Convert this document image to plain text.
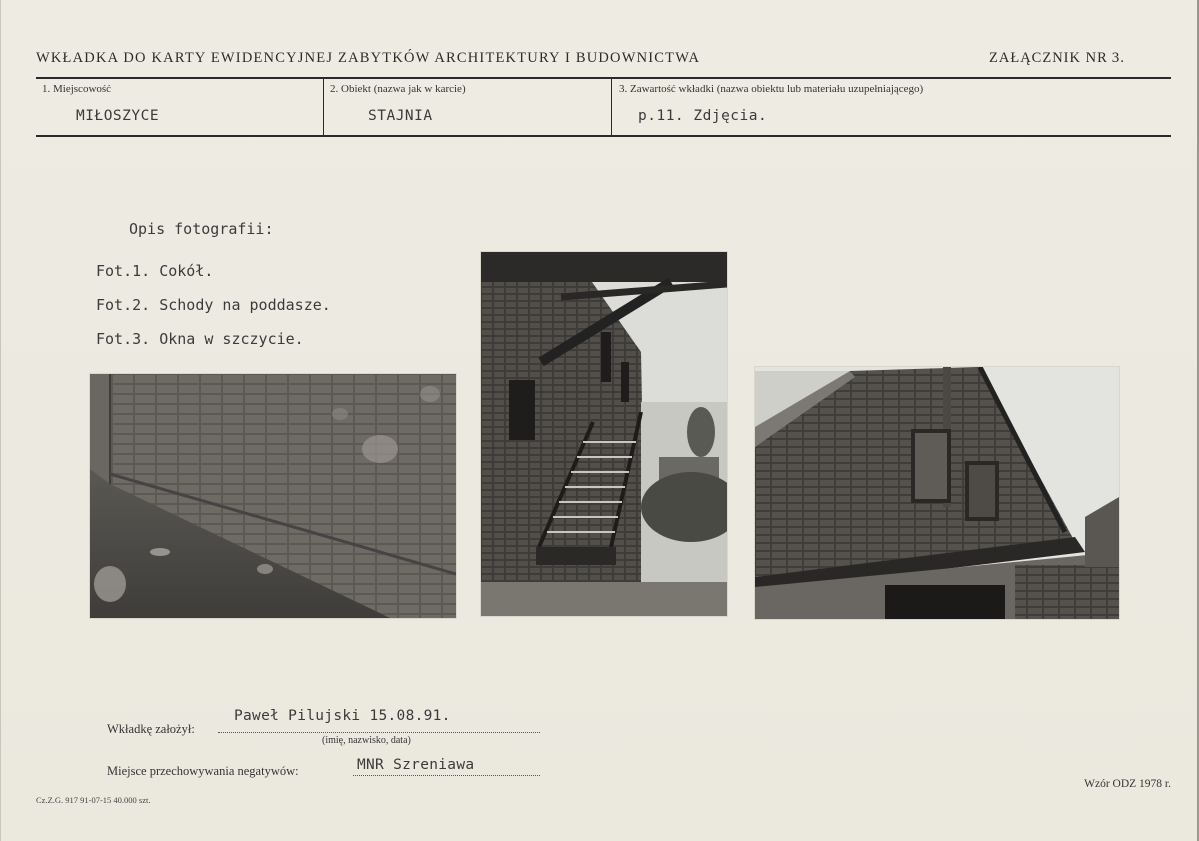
WKŁADKA DO KARTY EWIDENCYJNEJ ZABYTKÓW ARCHITEKTURY I BUDOWNICTWA	ZAŁĄCZNIK NR 3.
1. Miejscowość
MIŁOSZYCE
2. Obiekt (nazwa jak w karcie)
STAJNIA
3. Zawartość wkładki (nazwa obiektu lub materiału uzupełniającego)
p.11. Zdjęcia.
Opis fotografii:
Fot.1. Cokół.
Fot.2. Schody na poddasze.
Fot.3. Okna w szczycie.
Wkładkę założył:
Paweł Pilujski 15.08.91.
(imię, nazwisko, data)
Miejsce przechowywania negatywów:	MNR Szreniawa
Cz.Z.G. 917 91-07-15 40.000 szt.
Wzór ODZ 1978 r.
